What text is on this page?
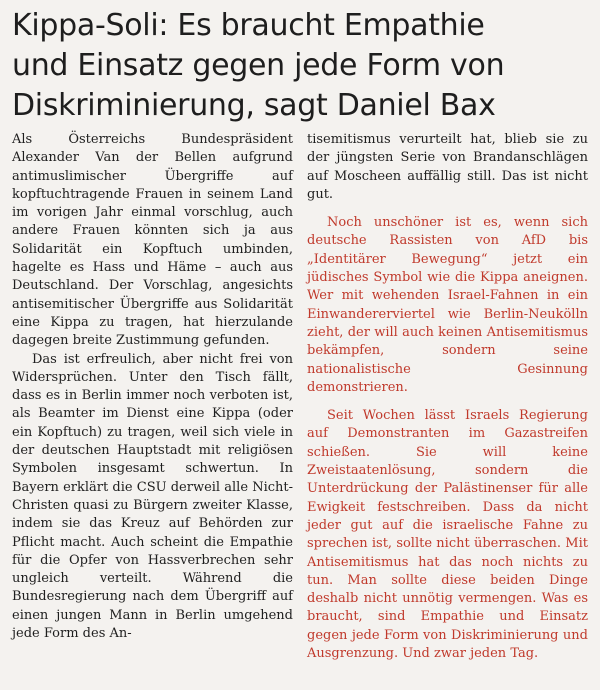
Kippa-Soli: Es braucht Empathie
und Einsatz gegen jede Form von
Diskriminierung, sagt Daniel Bax

Als Österreichs Bundespräsident Alexander Van der Bellen aufgrund antimuslimischer Übergriffe auf kopftuchtragende Frauen in seinem Land im vorigen Jahr einmal vorschlug, auch andere Frauen könnten sich ja aus Solidarität ein Kopftuch umbinden, hagelte es Hass und Häme – auch aus Deutschland. Der Vorschlag, angesichts antisemitischer Übergriffe aus Solidarität eine Kippa zu tragen, hat hierzulande dagegen breite Zustimmung gefunden.

Das ist erfreulich, aber nicht frei von Widersprüchen. Unter den Tisch fällt, dass es in Berlin immer noch verboten ist, als Beamter im Dienst eine Kippa (oder ein Kopftuch) zu tragen, weil sich viele in der deutschen Hauptstadt mit religiösen Symbolen insgesamt schwertun. In Bayern erklärt die CSU derweil alle Nicht-Christen quasi zu Bürgern zweiter Klasse, indem sie das Kreuz auf Behörden zur Pflicht macht. Auch scheint die Empathie für die Opfer von Hassverbrechen sehr ungleich verteilt. Während die Bundesregierung nach dem Übergriff auf einen jungen Mann in Berlin umgehend jede Form des An-

tisemitismus verurteilt hat, blieb sie zu der jüngsten Serie von Brandanschlägen auf Moscheen auffällig still. Das ist nicht gut.

Noch unschöner ist es, wenn sich deutsche Rassisten von AfD bis „Identitärer Bewegung“ jetzt ein jüdisches Symbol wie die Kippa aneignen. Wer mit wehenden Israel-Fahnen in ein Einwandererviertel wie Berlin-Neukölln zieht, der will auch keinen Antisemitismus bekämpfen, sondern seine nationalistische Gesinnung demonstrieren.

Seit Wochen lässt Israels Regierung auf Demonstranten im Gazastreifen schießen. Sie will keine Zweistaatenlösung, sondern die Unterdrückung der Palästinenser für alle Ewigkeit festschreiben. Dass da nicht jeder gut auf die israelische Fahne zu sprechen ist, sollte nicht überraschen. Mit Antisemitismus hat das noch nichts zu tun. Man sollte diese beiden Dinge deshalb nicht unnötig vermengen. Was es braucht, sind Empathie und Einsatz gegen jede Form von Diskriminierung und Ausgrenzung. Und zwar jeden Tag.
